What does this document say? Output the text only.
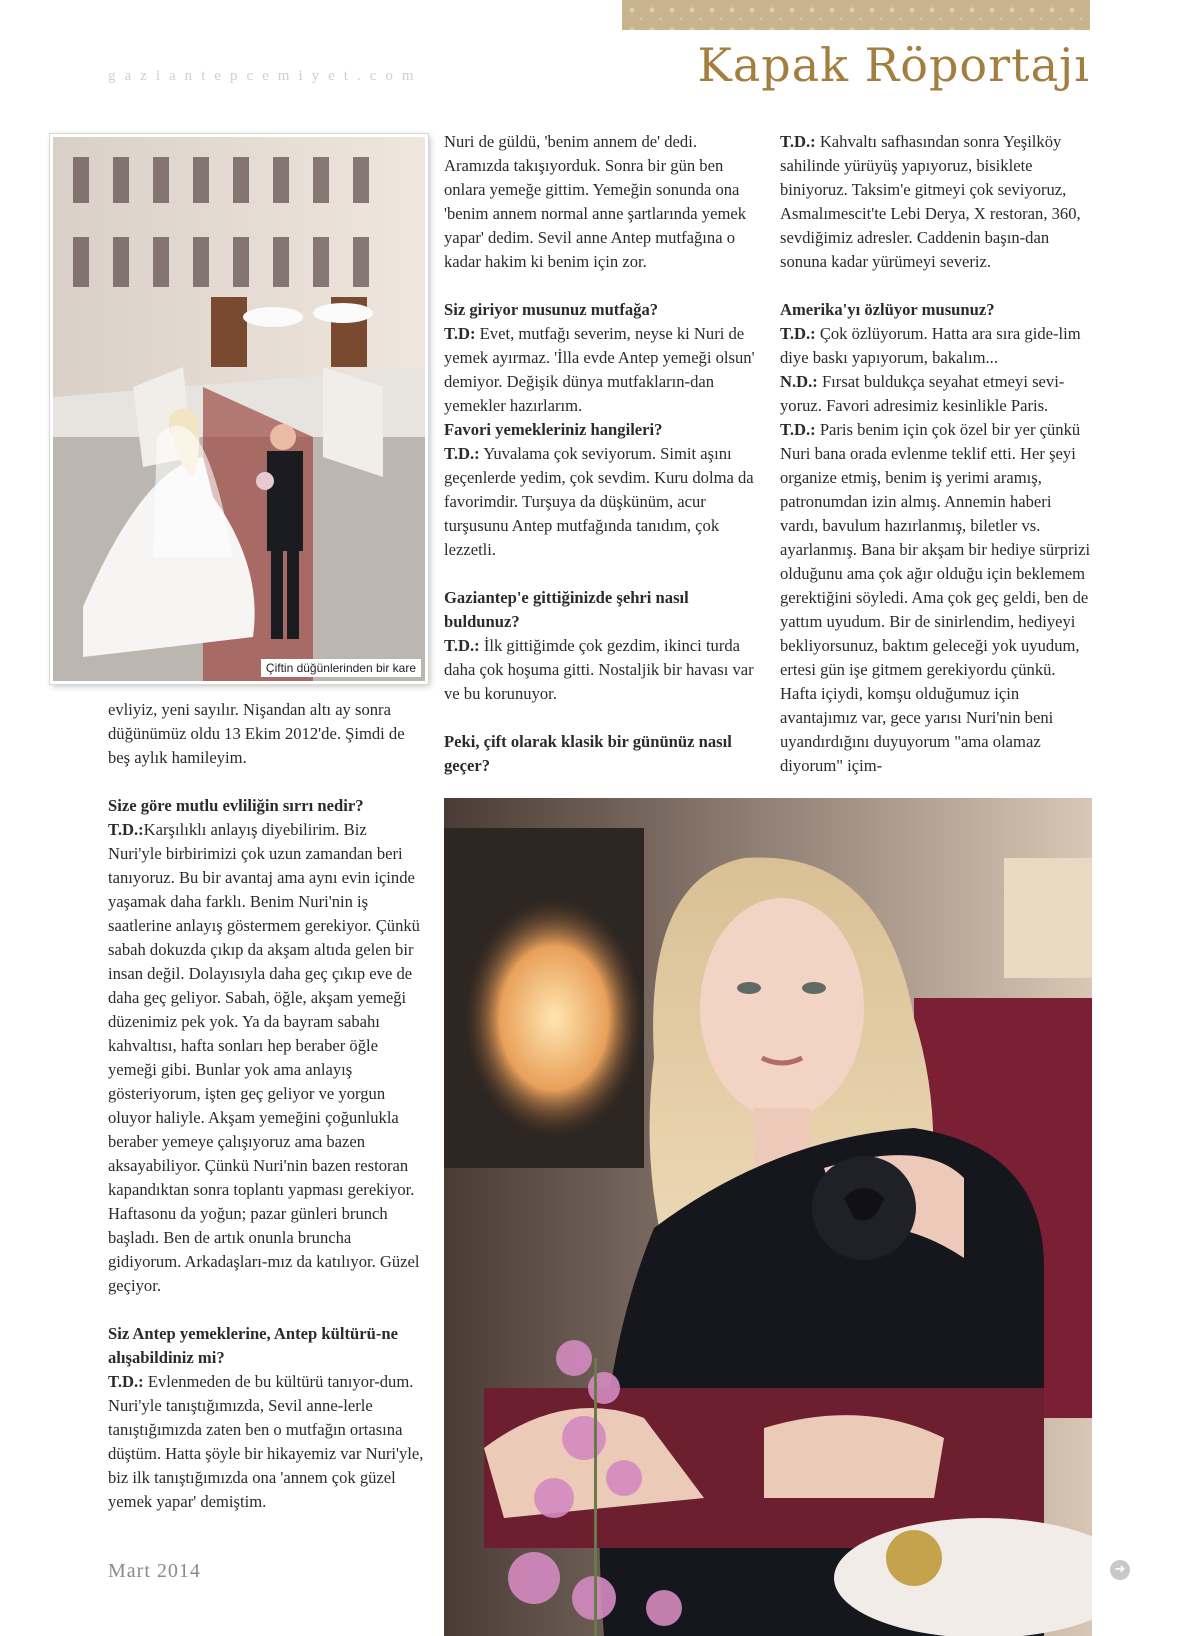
gaziantepcemiyet.com	Kapak Röportajı
Çiftin düğünlerinden bir kare

evliyiz, yeni sayılır. Nişandan altı ay sonra düğünümüz oldu 13 Ekim 2012'de. Şimdi de beş aylık hamileyim.

Size göre mutlu evliliğin sırrı nedir?

T.D.:Karşılıklı anlayış diyebilirim. Biz Nuri'yle birbirimizi çok uzun zamandan beri tanıyoruz. Bu bir avantaj ama aynı evin içinde yaşamak daha farklı. Benim Nuri'nin iş saatlerine anlayış göstermem gerekiyor. Çünkü sabah dokuzda çıkıp da akşam altıda gelen bir insan değil. Dolayısıyla daha geç çıkıp eve de daha geç geliyor. Sabah, öğle, akşam yemeği düzenimiz pek yok. Ya da bayram sabahı kahvaltısı, hafta sonları hep beraber öğle yemeği gibi. Bunlar yok ama anlayış gösteriyorum, işten geç geliyor ve yorgun oluyor haliyle. Akşam yemeğini çoğunlukla beraber yemeye çalışıyoruz ama bazen aksayabiliyor. Çünkü Nuri'nin bazen restoran kapandıktan sonra toplantı yapması gerekiyor. Haftasonu da yoğun; pazar günleri brunch başladı. Ben de artık onunla bruncha gidiyorum. Arkadaşları-mız da katılıyor. Güzel geçiyor.

Siz Antep yemeklerine, Antep kültürü-ne alışabildiniz mi?

T.D.: Evlenmeden de bu kültürü tanıyor-dum. Nuri'yle tanıştığımızda, Sevil anne-lerle tanıştığımızda zaten ben o mutfağın ortasına düştüm. Hatta şöyle bir hikayemiz var Nuri'yle, biz ilk tanıştığımızda ona 'annem çok güzel yemek yapar' demiştim.

Nuri de güldü, 'benim annem de' dedi. Aramızda takışıyorduk. Sonra bir gün ben onlara yemeğe gittim. Yemeğin sonunda ona 'benim annem normal anne şartlarında yemek yapar' dedim. Sevil anne Antep mutfağına o kadar hakim ki benim için zor.

Siz giriyor musunuz mutfağa?

T.D: Evet, mutfağı severim, neyse ki Nuri de yemek ayırmaz. 'İlla evde Antep yemeği olsun' demiyor. Değişik dünya mutfakların-dan yemekler hazırlarım.

Favori yemekleriniz hangileri?

T.D.: Yuvalama çok seviyorum. Simit aşını geçenlerde yedim, çok sevdim. Kuru dolma da favorimdir. Turşuya da düşkünüm, acur turşusunu Antep mutfağında tanıdım, çok lezzetli.

Gaziantep'e gittiğinizde şehri nasıl buldunuz?

T.D.: İlk gittiğimde çok gezdim, ikinci turda daha çok hoşuma gitti. Nostaljik bir havası var ve bu korunuyor.

Peki, çift olarak klasik bir gününüz nasıl geçer?

T.D.: Kahvaltı safhasından sonra Yeşilköy sahilinde yürüyüş yapıyoruz, bisiklete biniyoruz. Taksim'e gitmeyi çok seviyoruz, Asmalımescit'te Lebi Derya, X restoran, 360, sevdiğimiz adresler. Caddenin başın-dan sonuna kadar yürümeyi severiz.

Amerika'yı özlüyor musunuz?

T.D.: Çok özlüyorum. Hatta ara sıra gide-lim diye baskı yapıyorum, bakalım...

N.D.: Fırsat buldukça seyahat etmeyi sevi-yoruz. Favori adresimiz kesinlikle Paris.

T.D.: Paris benim için çok özel bir yer çünkü Nuri bana orada evlenme teklif etti. Her şeyi organize etmiş, benim iş yerimi aramış, patronumdan izin almış. Annemin haberi vardı, bavulum hazırlanmış, biletler vs. ayarlanmış. Bana bir akşam bir hediye sürprizi olduğunu ama çok ağır olduğu için beklemem gerektiğini söyledi. Ama çok geç geldi, ben de yattım uyudum. Bir de sinirlendim, hediyeyi bekliyorsunuz, baktım geleceği yok uyudum, ertesi gün işe gitmem gerekiyordu çünkü. Hafta içiydi, komşu olduğumuz için avantajımız var, gece yarısı Nuri'nin beni uyandırdığını duyuyorum "ama olamaz diyorum" içim-

Mart 2014	➜
